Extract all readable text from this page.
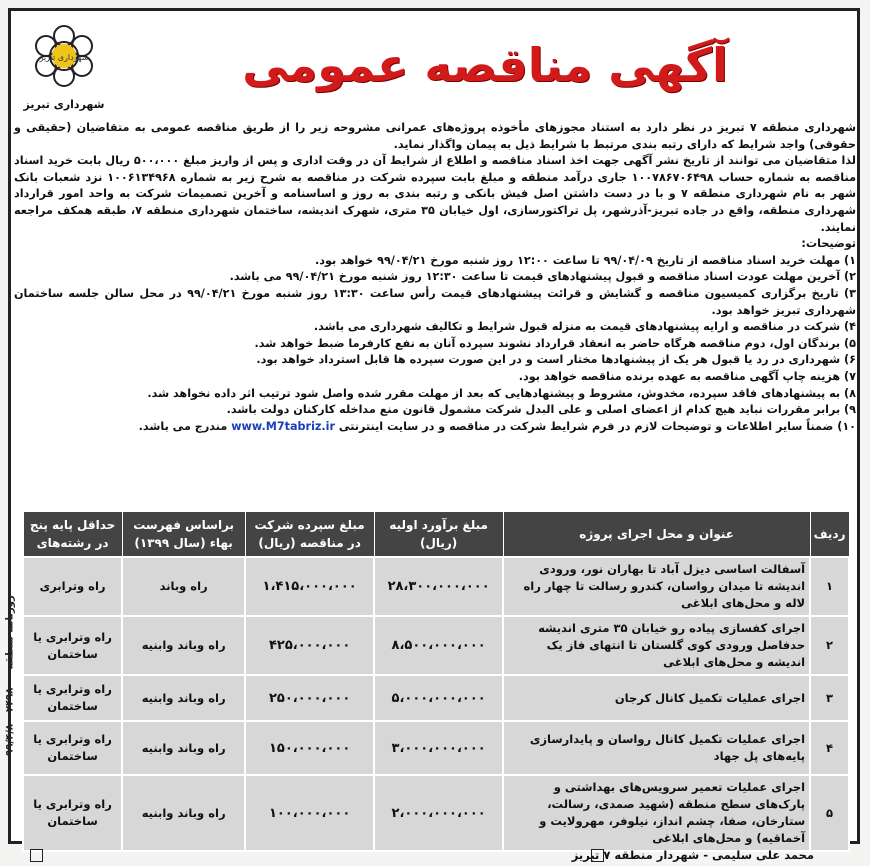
شهرداری تبریز
شهرداری تبریز
آگهی مناقصه عمومی

شهرداری منطقه ۷ تبریز در نظر دارد به استناد مجوزهای مأخوذه پروژه‌های عمرانی مشروحه زیر را از طریق مناقصه عمومی به متقاضیان (حقیقی و حقوقی) واجد شرایط که دارای رتبه بندی مرتبط با شرایط ذیل به پیمان واگذار نماید.

لذا متقاضیان می توانند از تاریخ نشر آگهی جهت اخذ اسناد مناقصه و اطلاع از شرایط آن در وقت اداری و پس از واریز مبلغ ۵۰۰،۰۰۰ ریال بابت خرید اسناد مناقصه به شماره حساب ۱۰۰۷۸۶۷۰۶۴۹۸ جاری درآمد منطقه و مبلغ بابت سپرده شرکت در مناقصه به شرح زیر به شماره ۱۰۰۶۱۳۴۹۶۸ نزد شعبات بانک شهر به نام شهرداری منطقه ۷ و با در دست داشتن اصل فیش بانکی و رتبه بندی به روز و اساسنامه و آخرین تصمیمات شرکت به واحد امور قرارداد شهرداری منطقه، واقع در جاده تبریز-آذرشهر، پل تراکتورسازی، اول خیابان ۳۵ متری، شهرک اندیشه، ساختمان شهرداری منطقه ۷، طبقه همکف مراجعه نمایند.

توضیحات:

۱) مهلت خرید اسناد مناقصه از تاریخ ۹۹/۰۴/۰۹ تا ساعت ۱۲:۰۰ روز شنبه مورخ ۹۹/۰۴/۲۱ خواهد بود.
۲) آخرین مهلت عودت اسناد مناقصه و قبول پیشنهادهای قیمت تا ساعت ۱۲:۳۰ روز شنبه مورخ ۹۹/۰۴/۲۱ می باشد.
۳) تاریخ برگزاری کمیسیون مناقصه و گشایش و قرائت پیشنهادهای قیمت رأس ساعت ۱۳:۳۰ روز شنبه مورخ ۹۹/۰۴/۲۱ در محل سالن جلسه ساختمان شهرداری تبریز خواهد بود.
۴) شرکت در مناقصه و ارایه پیشنهادهای قیمت به منزله قبول شرایط و تکالیف شهرداری می باشد.
۵) برندگان اول، دوم مناقصه هرگاه حاضر به انعقاد قرارداد نشوند سپرده آنان به نفع کارفرما ضبط خواهد شد.
۶) شهرداری در رد یا قبول هر یک از پیشنهادها مختار است و در این صورت سپرده ها قابل استرداد خواهد بود.
۷) هزینه چاپ آگهی مناقصه به عهده برنده مناقصه خواهد بود.
۸) به پیشنهادهای فاقد سپرده، مخدوش، مشروط و پیشنهادهایی که بعد از مهلت مقرر شده واصل شود ترتیب اثر داده نخواهد شد.
۹) برابر مقررات نباید هیچ کدام از اعضای اصلی و علی البدل شرکت مشمول قانون منع مداخله کارکنان دولت باشد.
۱۰) ضمناً سایر اطلاعات و توضیحات لازم در فرم شرایط شرکت در مناقصه و در سایت اینترنتی www.M7tabriz.ir مندرج می باشد.
ردیف	عنوان و محل اجرای پروژه	مبلغ برآورد اولیه (ریال)	مبلغ سپرده شرکت در مناقصه (ریال)	براساس فهرست بهاء (سال ۱۳۹۹)	حداقل پایه پنج در رشته‌های
۱	آسفالت اساسی دیزل آباد تا بهاران نور، ورودی اندیشه تا میدان رواسان، کندرو رسالت تا چهار راه لاله و محل‌های ابلاغی	۲۸،۳۰۰،۰۰۰،۰۰۰	۱،۴۱۵،۰۰۰،۰۰۰	راه وباند	راه وترابری
۲	اجرای کفسازی پیاده رو خیابان ۳۵ متری اندیشه حدفاصل ورودی کوی گلستان تا انتهای فاز یک اندیشه و محل‌های ابلاغی	۸،۵۰۰،۰۰۰،۰۰۰	۴۲۵،۰۰۰،۰۰۰	راه وباند وابنیه	راه وترابری یا ساختمان
۳	اجرای عملیات تکمیل کانال کرجان	۵،۰۰۰،۰۰۰،۰۰۰	۲۵۰،۰۰۰،۰۰۰	راه وباند وابنیه	راه وترابری یا ساختمان
۴	اجرای عملیات تکمیل کانال رواسان و پایدارسازی پایه‌های پل جهاد	۳،۰۰۰،۰۰۰،۰۰۰	۱۵۰،۰۰۰،۰۰۰	راه وباند وابنیه	راه وترابری یا ساختمان
۵	اجرای عملیات تعمیر سرویس‌های بهداشتی و پارک‌های سطح منطقه (شهید صمدی، رسالت، ستارخان، صفا، چشم انداز، نیلوفر، مهرولایت و آخماقیه) و محل‌های ابلاغی	۲،۰۰۰،۰۰۰،۰۰۰	۱۰۰،۰۰۰،۰۰۰	راه وباند وابنیه	راه وترابری یا ساختمان
روزنامه منطقه – ۲۴۹۸۰ – ۹۹/۴/۸
محمد علی سلیمی - شهردار منطقه ۷ تبریز
